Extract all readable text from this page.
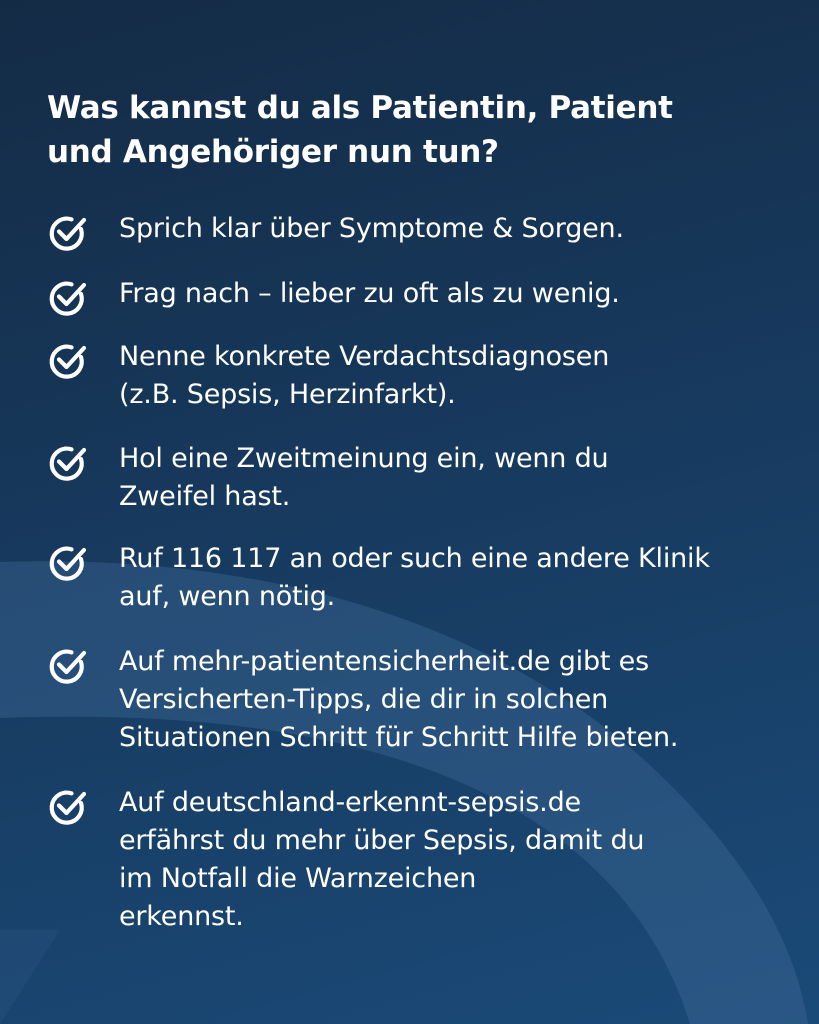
Was kannst du als Patientin, Patient
und Angehöriger nun tun?
Sprich klar über Symptome & Sorgen.
Frag nach – lieber zu oft als zu wenig.
Nenne konkrete Verdachtsdiagnosen
(z.B. Sepsis, Herzinfarkt).
Hol eine Zweitmeinung ein, wenn du
Zweifel hast.
Ruf 116 117 an oder such eine andere Klinik
auf, wenn nötig.
Auf mehr-patientensicherheit.de gibt es
Versicherten-Tipps, die dir in solchen
Situationen Schritt für Schritt Hilfe bieten.
Auf deutschland-erkennt-sepsis.de
erfährst du mehr über Sepsis, damit du
im Notfall die Warnzeichen
erkennst.
